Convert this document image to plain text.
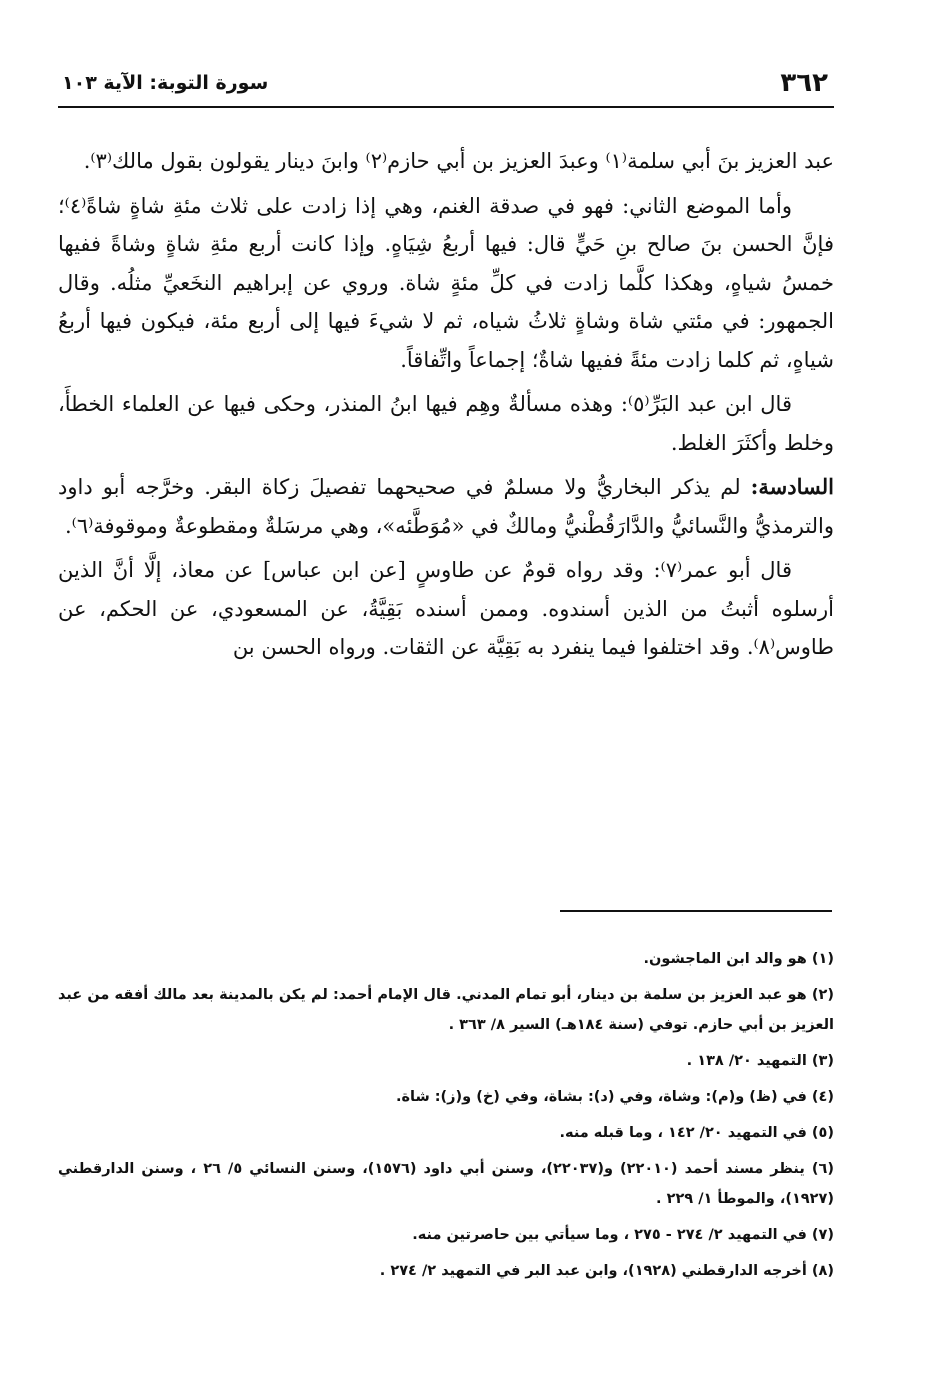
٣٦٢
سورة التوبة: الآية ١٠٣

عبد العزيز بنَ أبي سلمة⁽١⁾ وعبدَ العزيز بن أبي حازم⁽٢⁾ وابنَ دينار يقولون بقول مالك⁽٣⁾.

وأما الموضع الثاني: فهو في صدقة الغنم، وهي إذا زادت على ثلاث مئةِ شاةٍ شاةً⁽٤⁾؛ فإنَّ الحسن بنَ صالح بنِ حَيٍّ قال: فيها أربعُ شِيَاهٍ. وإذا كانت أربع مئةِ شاةٍ وشاةً ففيها خمسُ شياهٍ، وهكذا كلَّما زادت في كلِّ مئةٍ شاة. وروي عن إبراهيم النخَعيِّ مثلُه. وقال الجمهور: في مئتي شاة وشاةٍ ثلاثُ شياه، ثم لا شيءَ فيها إلى أربع مئة، فيكون فيها أربعُ شياهٍ، ثم كلما زادت مئةً ففيها شاةٌ؛ إجماعاً واتِّفاقاً.

قال ابن عبد البَرِّ⁽٥⁾: وهذه مسألةٌ وهِم فيها ابنُ المنذر، وحكى فيها عن العلماء الخطأَ، وخلط وأكثَرَ الغلط.

السادسة: لم يذكر البخاريُّ ولا مسلمٌ في صحيحهما تفصيلَ زكاة البقر. وخرَّجه أبو داود والترمذيُّ والنَّسائيُّ والدَّارَقُطْنيُّ ومالكٌ في «مُوَطَّئه»، وهي مرسَلةٌ ومقطوعةٌ وموقوفة⁽٦⁾.

قال أبو عمر⁽٧⁾: وقد رواه قومٌ عن طاوسٍ [عن ابن عباس] عن معاذ، إلَّا أنَّ الذين أرسلوه أثبتُ من الذين أسندوه. وممن أسنده بَقِيَّةُ، عن المسعودي، عن الحكم، عن طاوس⁽٨⁾. وقد اختلفوا فيما ينفرد به بَقِيَّة عن الثقات. ورواه الحسن بن

(١) هو والد ابن الماجشون.

(٢) هو عبد العزيز بن سلمة بن دينار، أبو تمام المدني. قال الإمام أحمد: لم يكن بالمدينة بعد مالك أفقه من عبد العزيز بن أبي حازم. توفي (سنة ١٨٤هـ) السير ٨/ ٣٦٣ .

(٣) التمهيد ٢٠/ ١٣٨ .

(٤) في (ظ) و(م): وشاة، وفي (د): بشاة، وفي (خ) و(ز): شاة.

(٥) في التمهيد ٢٠/ ١٤٢ ، وما قبله منه.

(٦) ينظر مسند أحمد (٢٢٠١٠) و(٢٢٠٣٧)، وسنن أبي داود (١٥٧٦)، وسنن النسائي ٥/ ٢٦ ، وسنن الدارقطني (١٩٢٧)، والموطأ ١/ ٢٢٩ .

(٧) في التمهيد ٢/ ٢٧٤ - ٢٧٥ ، وما سيأتي بين حاصرتين منه.

(٨) أخرجه الدارقطني (١٩٢٨)، وابن عبد البر في التمهيد ٢/ ٢٧٤ .
